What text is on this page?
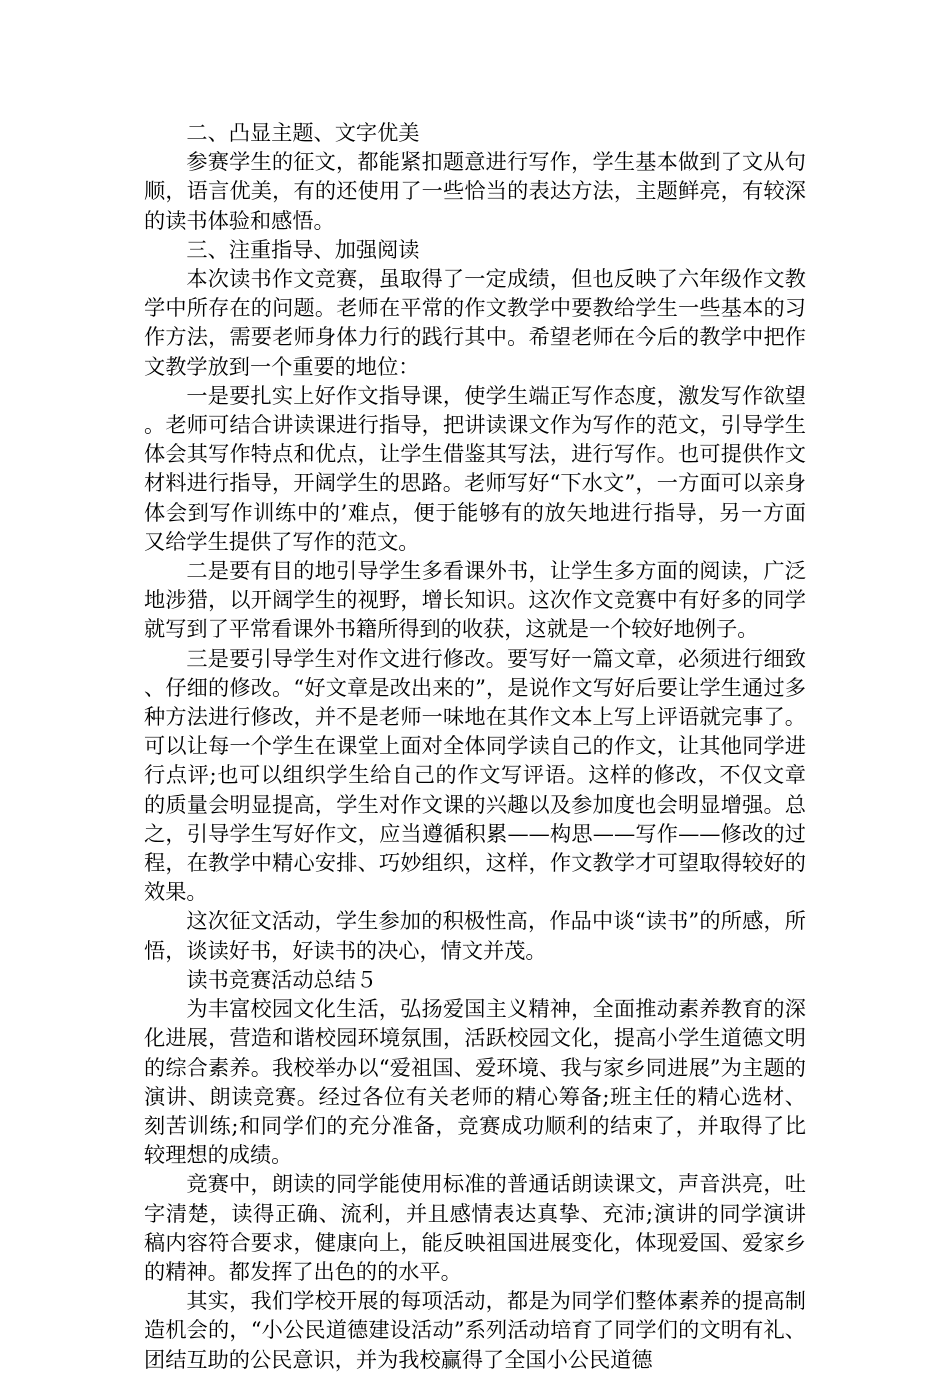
二、凸显主题、文字优美

参赛学生的征文，都能紧扣题意进行写作，学生基本做到了文从句顺，语言优美，有的还使用了一些恰当的表达方法，主题鲜亮，有较深的读书体验和感悟。

三、注重指导、加强阅读

本次读书作文竞赛，虽取得了一定成绩，但也反映了六年级作文教学中所存在的问题。老师在平常的作文教学中要教给学生一些基本的习作方法，需要老师身体力行的践行其中。希望老师在今后的教学中把作文教学放到一个重要的地位：

一是要扎实上好作文指导课，使学生端正写作态度，激发写作欲望。老师可结合讲读课进行指导，把讲读课文作为写作的范文，引导学生体会其写作特点和优点，让学生借鉴其写法，进行写作。也可提供作文材料进行指导，开阔学生的思路。老师写好“下水文”，一方面可以亲身体会到写作训练中的’难点，便于能够有的放矢地进行指导，另一方面又给学生提供了写作的范文。

二是要有目的地引导学生多看课外书，让学生多方面的阅读，广泛地涉猎，以开阔学生的视野，增长知识。这次作文竞赛中有好多的同学就写到了平常看课外书籍所得到的收获，这就是一个较好地例子。

三是要引导学生对作文进行修改。要写好一篇文章，必须进行细致、仔细的修改。“好文章是改出来的”，是说作文写好后要让学生通过多种方法进行修改，并不是老师一味地在其作文本上写上评语就完事了。可以让每一个学生在课堂上面对全体同学读自己的作文，让其他同学进行点评;也可以组织学生给自己的作文写评语。这样的修改，不仅文章的质量会明显提高，学生对作文课的兴趣以及参加度也会明显增强。总之，引导学生写好作文，应当遵循积累——构思——写作——修改的过程，在教学中精心安排、巧妙组织，这样，作文教学才可望取得较好的效果。

这次征文活动，学生参加的积极性高，作品中谈“读书”的所感，所悟，谈读好书，好读书的决心，情文并茂。

读书竞赛活动总结５

为丰富校园文化生活，弘扬爱国主义精神，全面推动素养教育的深化进展，营造和谐校园环境氛围，活跃校园文化，提高小学生道德文明的综合素养。我校举办以“爱祖国、爱环境、我与家乡同进展”为主题的演讲、朗读竞赛。经过各位有关老师的精心筹备;班主任的精心选材、刻苦训练;和同学们的充分准备，竞赛成功顺利的结束了，并取得了比较理想的成绩。

竞赛中，朗读的同学能使用标准的普通话朗读课文，声音洪亮，吐字清楚，读得正确、流利，并且感情表达真挚、充沛;演讲的同学演讲稿内容符合要求，健康向上，能反映祖国进展变化，体现爱国、爱家乡的精神。都发挥了出色的的水平。

其实，我们学校开展的每项活动，都是为同学们整体素养的提高制造机会的，“小公民道德建设活动”系列活动培育了同学们的文明有礼、团结互助的公民意识，并为我校赢得了全国小公民道德
